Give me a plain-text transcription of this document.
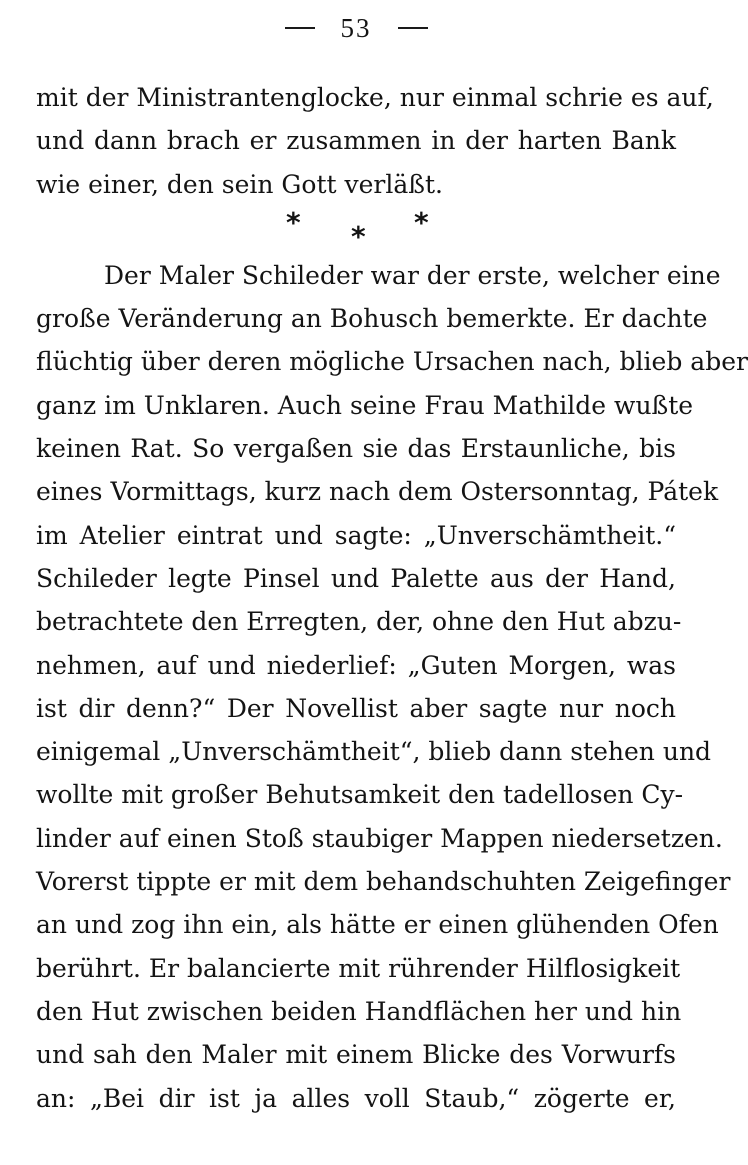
53
mit der Ministrantenglocke, nur einmal schrie es auf,
und dann brach er zusammen in der harten Bank
wie einer, den sein Gott verläßt.
* * *
Der Maler Schileder war der erste, welcher eine
große Veränderung an Bohusch bemerkte. Er dachte
flüchtig über deren mögliche Ursachen nach, blieb aber
ganz im Unklaren. Auch seine Frau Mathilde wußte
keinen Rat. So vergaßen sie das Erstaunliche, bis
eines Vormittags, kurz nach dem Ostersonntag, Pátek
im Atelier eintrat und sagte: „Unverschämtheit.“
Schileder legte Pinsel und Palette aus der Hand,
betrachtete den Erregten, der, ohne den Hut abzu-
nehmen, auf und niederlief: „Guten Morgen, was
ist dir denn?“ Der Novellist aber sagte nur noch
einigemal „Unverschämtheit“, blieb dann stehen und
wollte mit großer Behutsamkeit den tadellosen Cy-
linder auf einen Stoß staubiger Mappen niedersetzen.
Vorerst tippte er mit dem behandschuhten Zeigefinger
an und zog ihn ein, als hätte er einen glühenden Ofen
berührt. Er balancierte mit rührender Hilflosigkeit
den Hut zwischen beiden Handflächen her und hin
und sah den Maler mit einem Blicke des Vorwurfs
an: „Bei dir ist ja alles voll Staub,“ zögerte er,
